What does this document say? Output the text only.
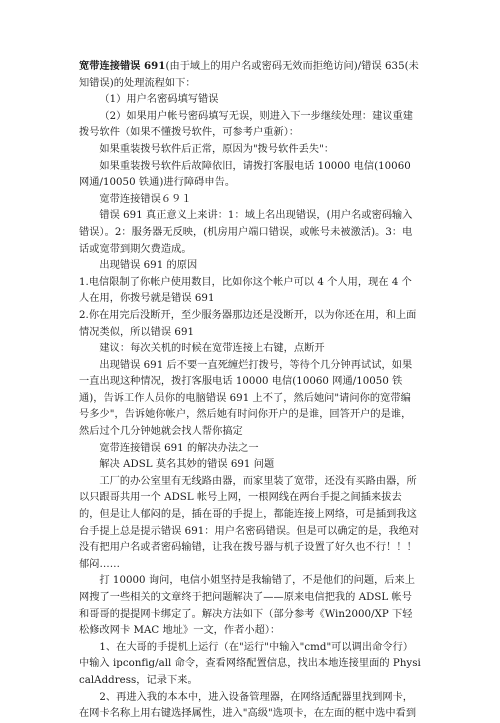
宽带连接错误 691(由于域上的用户名或密码无效而拒绝访问)/错误 635(未知错误)的处理流程如下：

（1）用户名密码填写错误

（2）如果用户帐号密码填写无误，则进入下一步继续处理：建议重建拨号软件（如果不懂拨号软件，可参考户重新）：

如果重装拨号软件后正常，原因为"拨号软件丢失"：

如果重装拨号软件后故障依旧，请拨打客服电话 10000 电信(10060 网通/10050 铁通)进行障碍申告。

宽带连接错误６９１

错误 691 真正意义上来讲：1：域上名出现错误，(用户名或密码输入错误）。2：服务器无反映，(机房用户端口错误，或帐号未被激活)。3：电话或宽带到期欠费造成。

出现错误 691 的原因

1.电信限制了你帐户使用数目，比如你这个帐户可以 4 个人用，现在 4 个人在用，你拨号就是错误 691

2.你在用完后没断开，至少服务器那边还是没断开，以为你还在用，和上面情况类似，所以错误 691

建议：每次关机的时候在宽带连接上右键，点断开

出现错误 691 后不要一直死缠烂打拨号，等待个几分钟再试试，如果一直出现这种情况，拨打客服电话 10000 电信(10060 网通/10050 铁通)，告诉工作人员你的电脑错误 691 上不了，然后她问"请问你的宽带编号多少"，告诉她你帐户，然后她有时问你开户的是谁，回答开户的是谁，然后过个几分钟她就会找人帮你搞定

宽带连接错误 691 的解决办法之一

解决 ADSL 莫名其妙的错误 691 问题

工厂的办公室里有无线路由器，而家里装了宽带，还没有买路由器，所以只跟哥共用一个 ADSL 帐号上网，一根网线在两台手提之间插来拔去的，但是让人郁闷的是，插在哥的手提上，都能连接上网络，可是插到我这台手提上总是提示错误 691：用户名密码错误。但是可以确定的是，我绝对没有把用户名或者密码输错，让我在拨号器与机子设置了好久也不行！！！郁闷……

打 10000 询问，电信小姐坚持是我输错了，不是他们的问题，后来上网搜了一些相关的文章终于把问题解决了——原来电信把我的 ADSL 帐号和哥哥的提提网卡绑定了。解决方法如下（部分参考《Win2000/XP 下轻松修改网卡 MAC 地址》一文，作者小超）：

1、在大哥的手提机上运行（在"运行"中输入"cmd"可以调出命令行）中输入 ipconfig/all 命令，查看网络配置信息，找出本地连接里面的 PhysicalAddress，记录下来。

2、再进入我的本本中，进入设备管理器，在网络适配器里找到网卡，在网卡名称上用右键选择属性，进入"高级"选项卡，在左面的框中选中看到
